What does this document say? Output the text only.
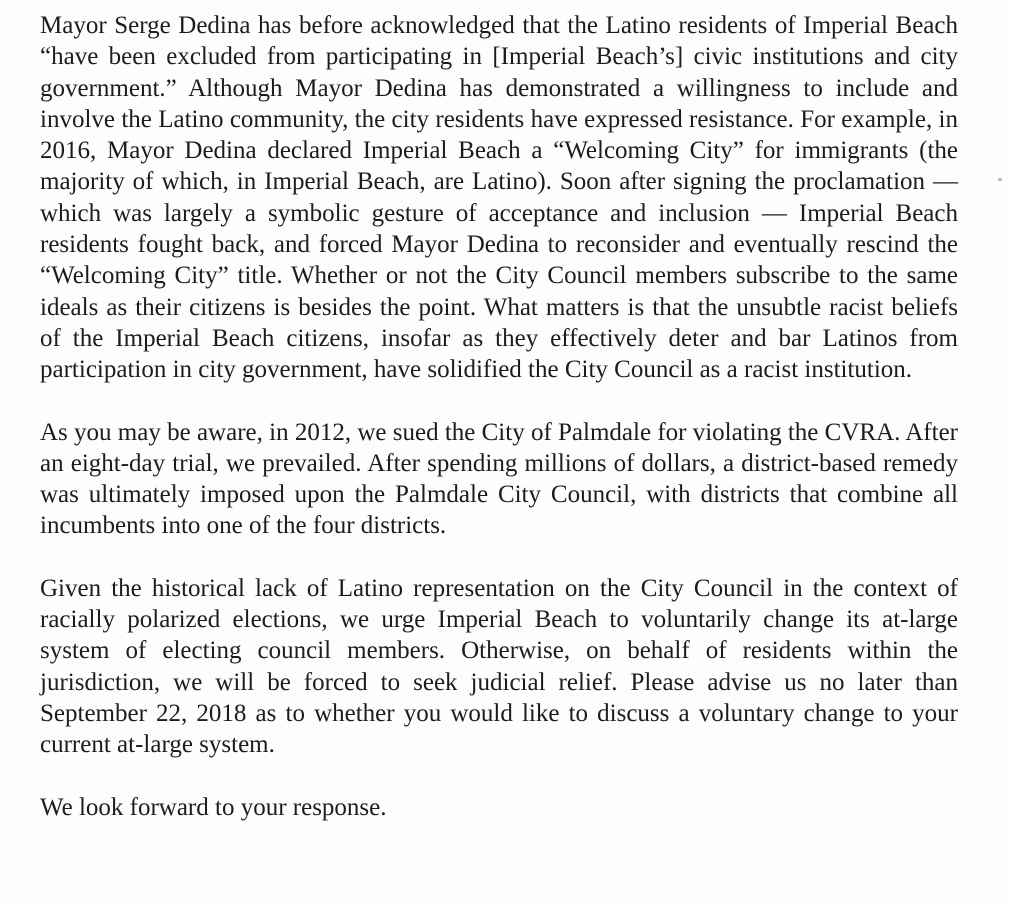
Mayor Serge Dedina has before acknowledged that the Latino residents of Imperial Beach “have been excluded from participating in [Imperial Beach’s] civic institutions and city government.” Although Mayor Dedina has demonstrated a willingness to include and involve the Latino community, the city residents have expressed resistance. For example, in 2016, Mayor Dedina declared Imperial Beach a “Welcoming City” for immigrants (the majority of which, in Imperial Beach, are Latino). Soon after signing the proclamation — which was largely a symbolic gesture of acceptance and inclusion — Imperial Beach residents fought back, and forced Mayor Dedina to reconsider and eventually rescind the “Welcoming City” title. Whether or not the City Council members subscribe to the same ideals as their citizens is besides the point. What matters is that the unsubtle racist beliefs of the Imperial Beach citizens, insofar as they effectively deter and bar Latinos from participation in city government, have solidified the City Council as a racist institution.

As you may be aware, in 2012, we sued the City of Palmdale for violating the CVRA. After an eight-day trial, we prevailed. After spending millions of dollars, a district-based remedy was ultimately imposed upon the Palmdale City Council, with districts that combine all incumbents into one of the four districts.

Given the historical lack of Latino representation on the City Council in the context of racially polarized elections, we urge Imperial Beach to voluntarily change its at-large system of electing council members. Otherwise, on behalf of residents within the jurisdiction, we will be forced to seek judicial relief. Please advise us no later than September 22, 2018 as to whether you would like to discuss a voluntary change to your current at-large system.

We look forward to your response.
